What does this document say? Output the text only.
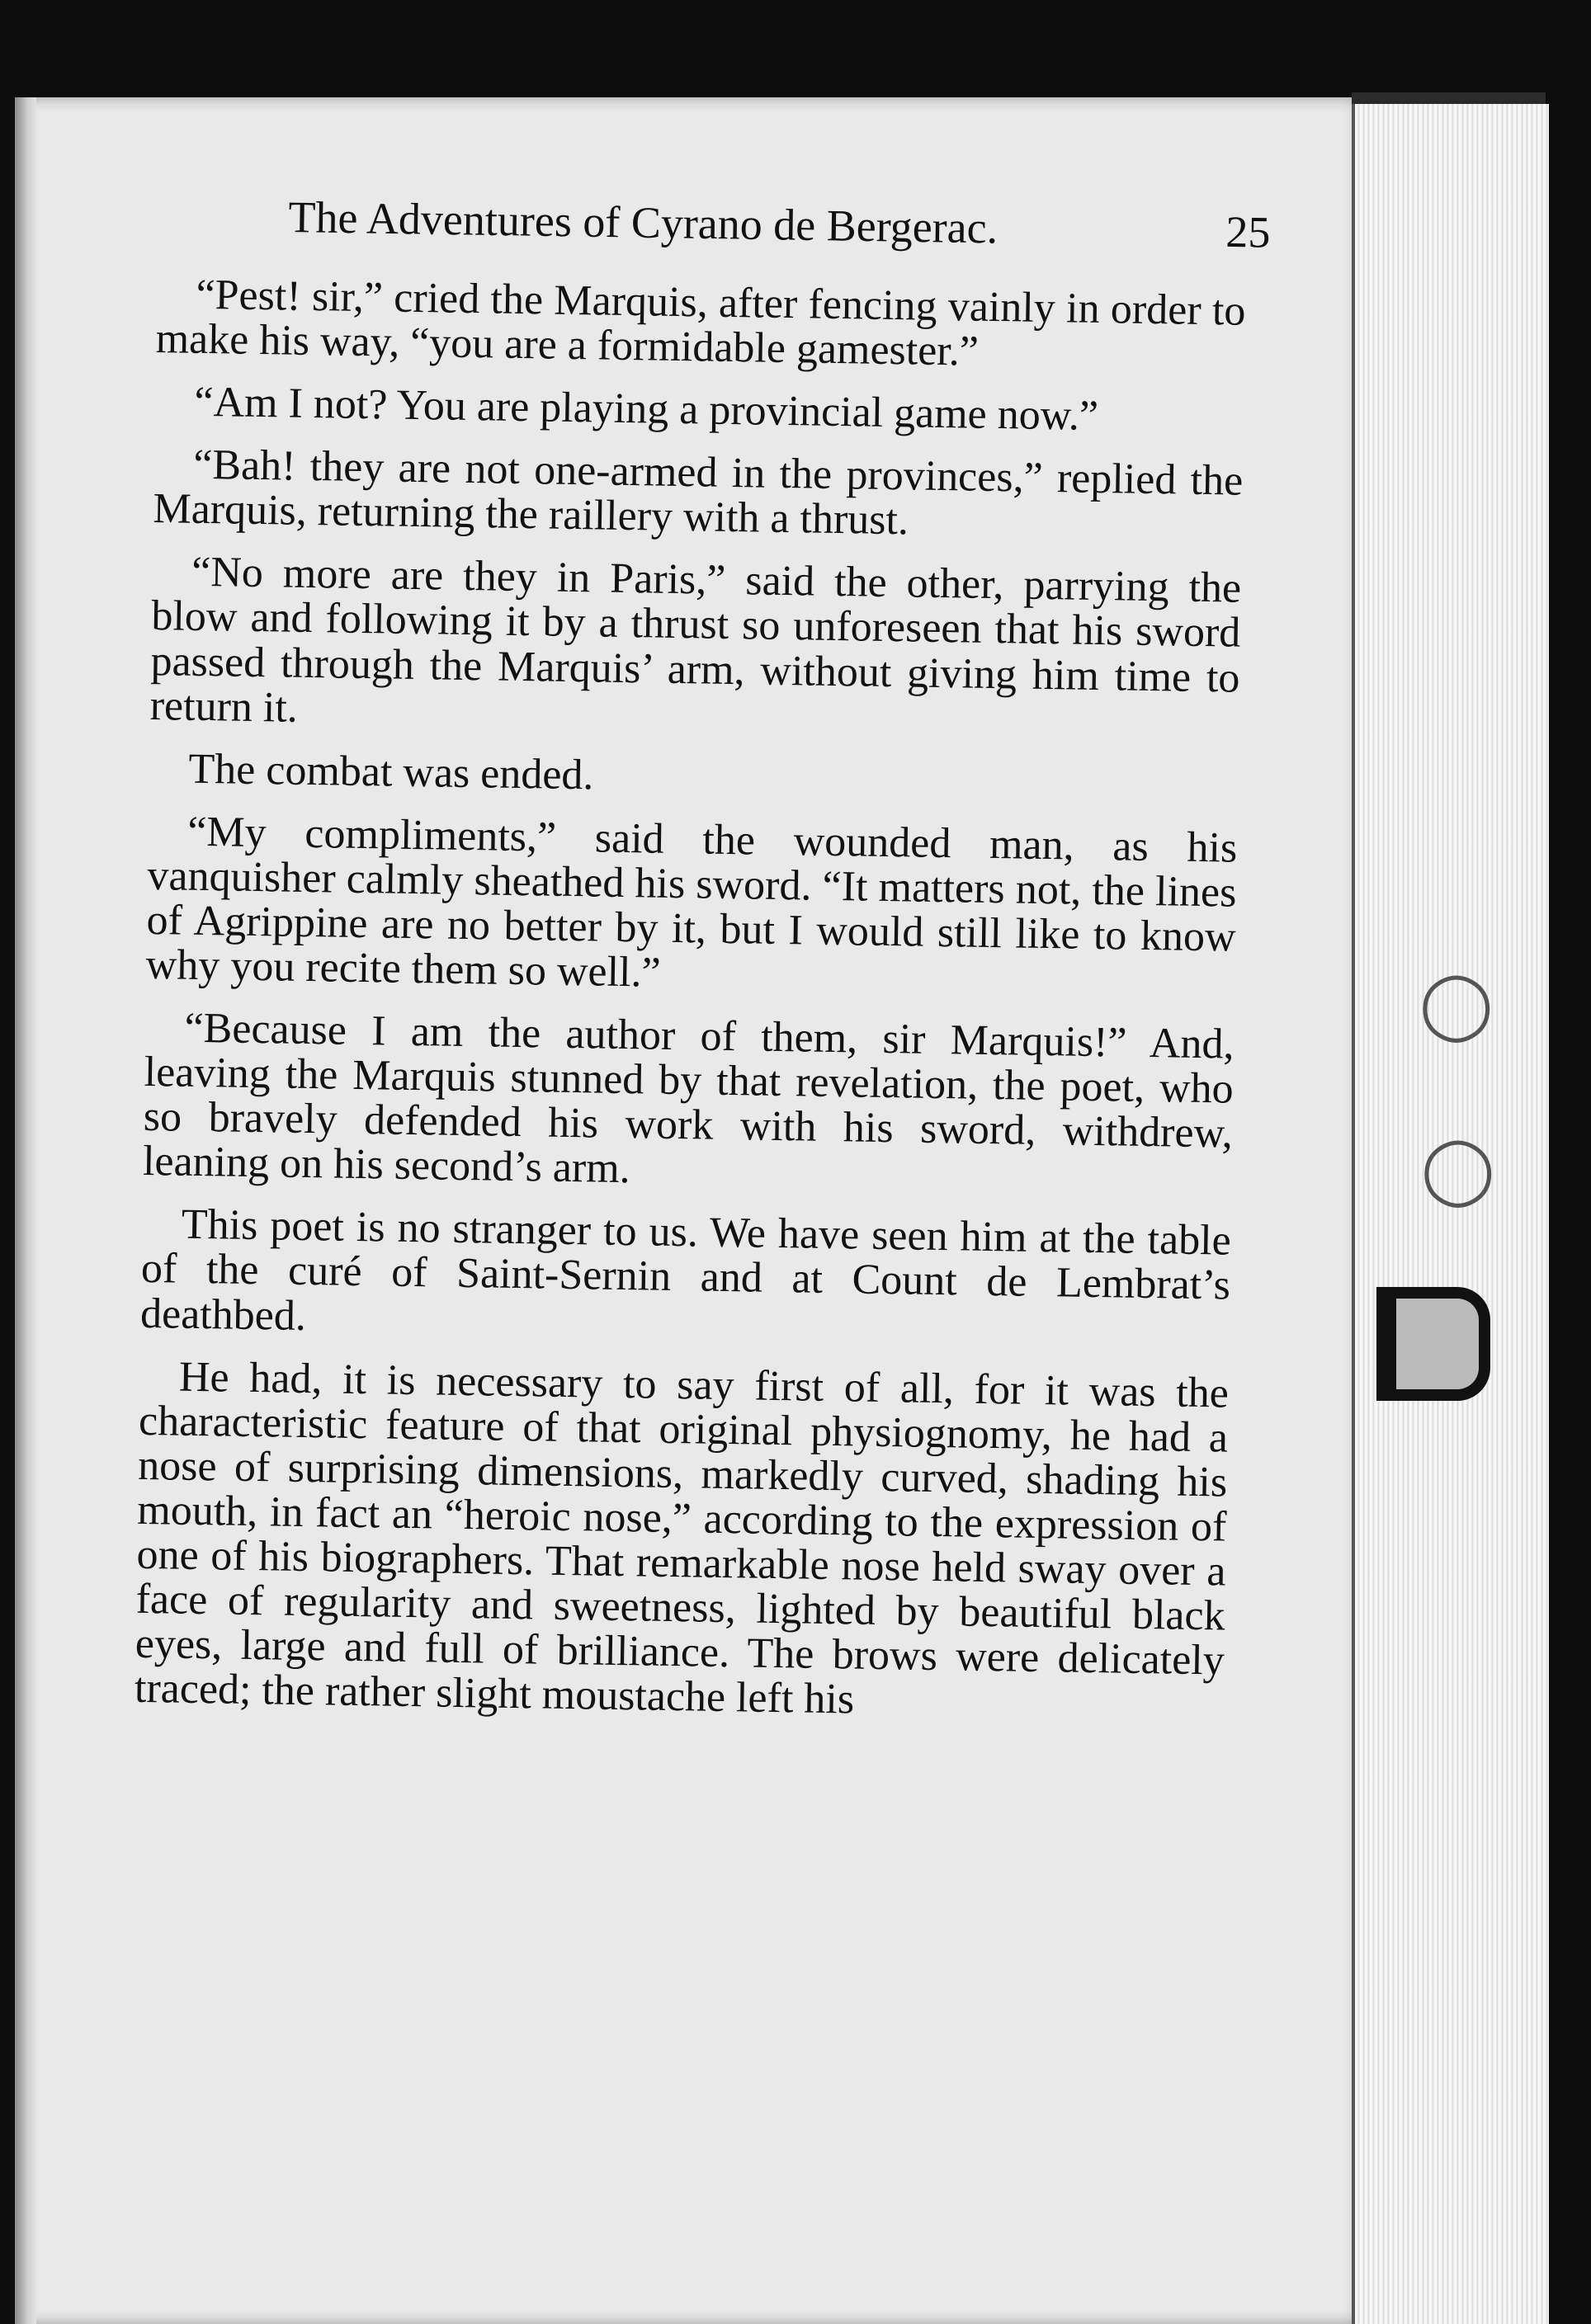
The Adventures of Cyrano de Bergerac.	25

“Pest! sir,” cried the Marquis, after fencing vainly in order to make his way, “you are a formidable gamester.”

“Am I not? You are playing a provincial game now.”

“Bah! they are not one-armed in the provinces,” replied the Marquis, returning the raillery with a thrust.

“No more are they in Paris,” said the other, parrying the blow and following it by a thrust so unforeseen that his sword passed through the Marquis’ arm, without giving him time to return it.

The combat was ended.

“My compliments,” said the wounded man, as his vanquisher calmly sheathed his sword. “It matters not, the lines of Agrippine are no better by it, but I would still like to know why you recite them so well.”

“Because I am the author of them, sir Marquis!” And, leaving the Marquis stunned by that revelation, the poet, who so bravely defended his work with his sword, withdrew, leaning on his second’s arm.

This poet is no stranger to us. We have seen him at the table of the curé of Saint-Sernin and at Count de Lembrat’s deathbed.

He had, it is necessary to say first of all, for it was the characteristic feature of that original physiognomy, he had a nose of surprising dimensions, markedly curved, shading his mouth, in fact an “heroic nose,” according to the expression of one of his biographers. That remarkable nose held sway over a face of regularity and sweetness, lighted by beautiful black eyes, large and full of brilliance. The brows were delicately traced; the rather slight moustache left his

◯
◯
